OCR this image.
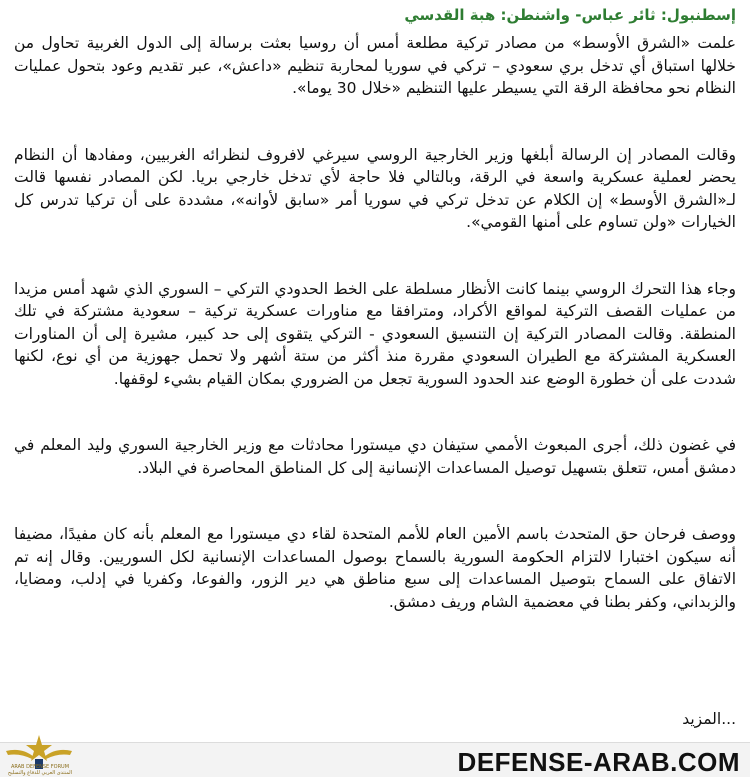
إسطنبول: ثائر عباس- واشنطن: هبة القدسي

علمت «الشرق الأوسط» من مصادر تركية مطلعة أمس أن روسيا بعثت برسالة إلى الدول الغربية تحاول من خلالها استباق أي تدخل بري سعودي – تركي في سوريا لمحاربة تنظيم «داعش»، عبر تقديم وعود بتحول عمليات النظام نحو محافظة الرقة التي يسيطر عليها التنظيم «خلال 30 يوما».

وقالت المصادر إن الرسالة أبلغها وزير الخارجية الروسي سيرغي لافروف لنظرائه الغربيين، ومفادها أن النظام يحضر لعملية عسكرية واسعة في الرقة، وبالتالي فلا حاجة لأي تدخل خارجي بريا. لكن المصادر نفسها قالت لـ«الشرق الأوسط» إن الكلام عن تدخل تركي في سوريا أمر «سابق لأوانه»، مشددة على أن تركيا تدرس كل الخيارات «ولن تساوم على أمنها القومي».

وجاء هذا التحرك الروسي بينما كانت الأنظار مسلطة على الخط الحدودي التركي – السوري الذي شهد أمس مزيدا من عمليات القصف التركية لمواقع الأكراد، ومترافقا مع مناورات عسكرية تركية – سعودية مشتركة في تلك المنطقة. وقالت المصادر التركية إن التنسيق السعودي - التركي يتقوى إلى حد كبير، مشيرة إلى أن المناورات العسكرية المشتركة مع الطيران السعودي مقررة منذ أكثر من ستة أشهر ولا تحمل جهوزية من أي نوع، لكنها شددت على أن خطورة الوضع عند الحدود السورية تجعل من الضروري بمكان القيام بشيء لوقفها.

في غضون ذلك، أجرى المبعوث الأممي ستيفان دي ميستورا محادثات مع وزير الخارجية السوري وليد المعلم في دمشق أمس، تتعلق بتسهيل توصيل المساعدات الإنسانية إلى كل المناطق المحاصرة في البلاد.

ووصف فرحان حق المتحدث باسم الأمين العام للأمم المتحدة لقاء دي ميستورا مع المعلم بأنه كان مفيدًا، مضيفا أنه سيكون اختبارا لالتزام الحكومة السورية بالسماح بوصول المساعدات الإنسانية لكل السوريين. وقال إنه تم الاتفاق على السماح بتوصيل المساعدات إلى سبع مناطق هي دير الزور، والفوعا، وكفريا في إدلب، ومضايا، والزبداني، وكفر بطنا في معضمية الشام وريف دمشق.

...المزيد
DEFENSE-ARAB.COM
ARAB DEFENSE FORUM
المنتدى العربي للدفاع والتسليح
